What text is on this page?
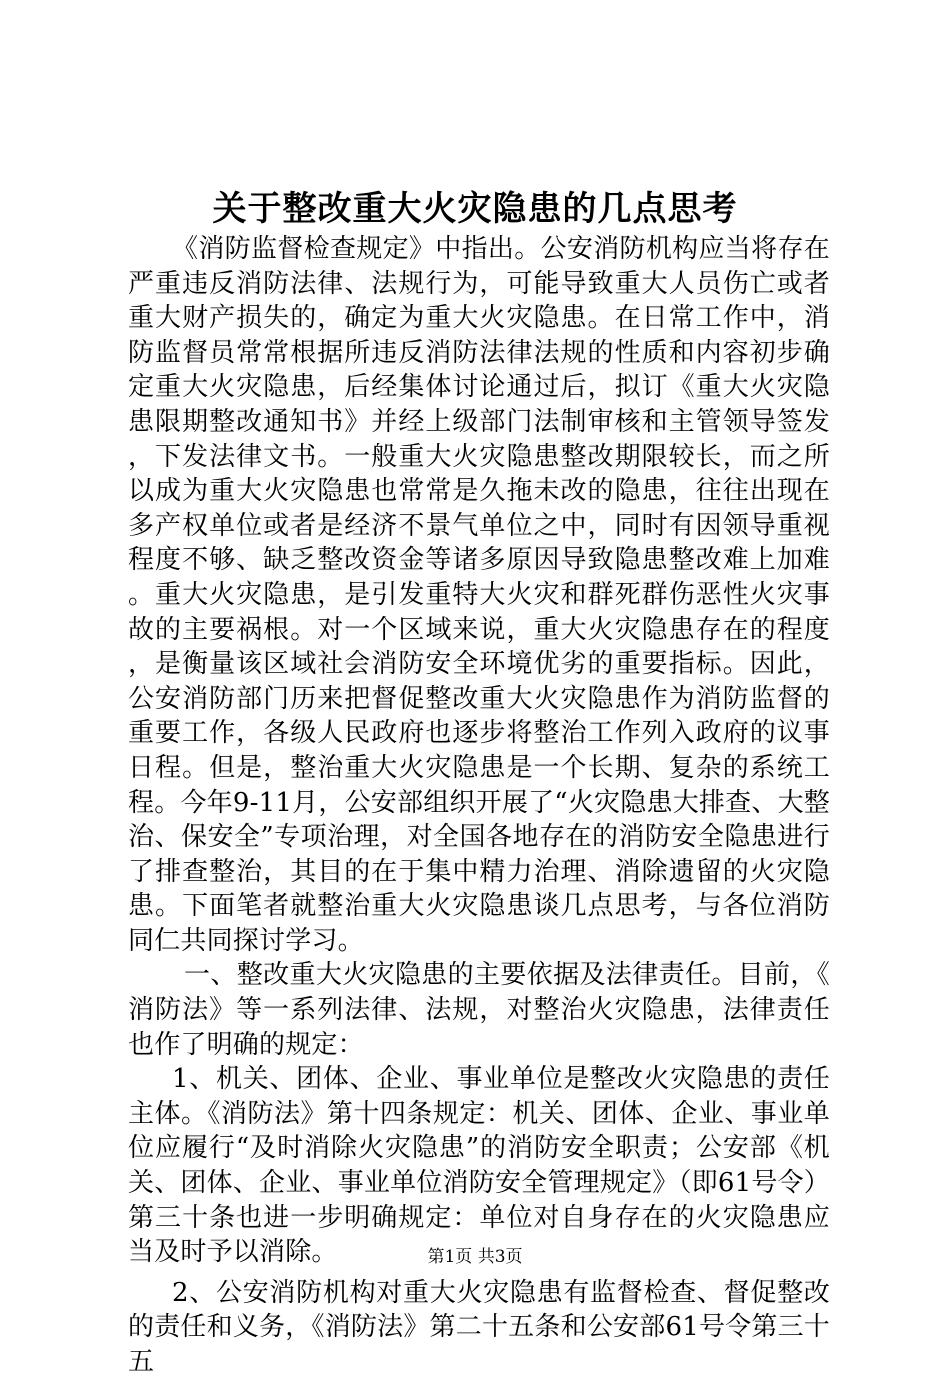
关于整改重大火灾隐患的几点思考

《消防监督检查规定》中指出。公安消防机构应当将存在严重违反消防法律、法规行为，可能导致重大人员伤亡或者重大财产损失的，确定为重大火灾隐患。在日常工作中，消防监督员常常根据所违反消防法律法规的性质和内容初步确定重大火灾隐患，后经集体讨论通过后，拟订《重大火灾隐患限期整改通知书》并经上级部门法制审核和主管领导签发，下发法律文书。一般重大火灾隐患整改期限较长，而之所以成为重大火灾隐患也常常是久拖未改的隐患，往往出现在多产权单位或者是经济不景气单位之中，同时有因领导重视程度不够、缺乏整改资金等诸多原因导致隐患整改难上加难。重大火灾隐患，是引发重特大火灾和群死群伤恶性火灾事故的主要祸根。对一个区域来说，重大火灾隐患存在的程度，是衡量该区域社会消防安全环境优劣的重要指标。因此，公安消防部门历来把督促整改重大火灾隐患作为消防监督的重要工作，各级人民政府也逐步将整治工作列入政府的议事日程。但是，整治重大火灾隐患是一个长期、复杂的系统工程。今年9-11月，公安部组织开展了“火灾隐患大排查、大整治、保安全”专项治理，对全国各地存在的消防安全隐患进行了排查整治，其目的在于集中精力治理、消除遗留的火灾隐患。下面笔者就整治重大火灾隐患谈几点思考，与各位消防同仁共同探讨学习。

一、整改重大火灾隐患的主要依据及法律责任。目前，《消防法》等一系列法律、法规，对整治火灾隐患，法律责任也作了明确的规定：

1、机关、团体、企业、事业单位是整改火灾隐患的责任主体。《消防法》第十四条规定：机关、团体、企业、事业单位应履行“及时消除火灾隐患”的消防安全职责；公安部《机关、团体、企业、事业单位消防安全管理规定》（即61号令）第三十条也进一步明确规定：单位对自身存在的火灾隐患应当及时予以消除。

2、公安消防机构对重大火灾隐患有监督检查、督促整改的责任和义务，《消防法》第二十五条和公安部61号令第三十五

第1页 共3页
